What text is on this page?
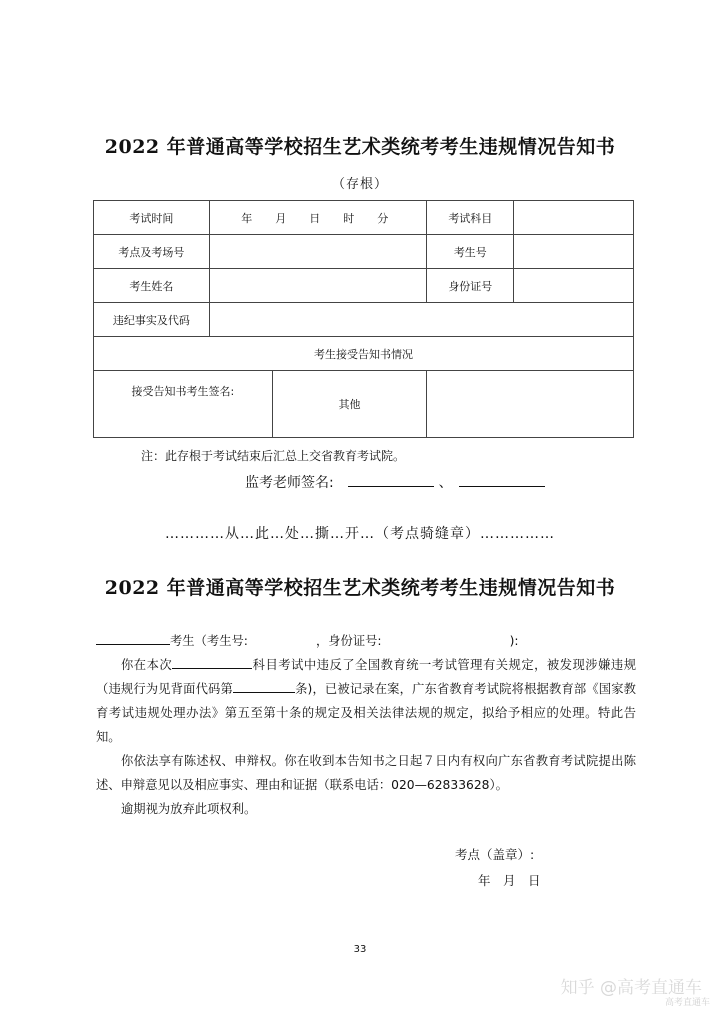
2022 年普通高等学校招生艺术类统考考生违规情况告知书
（存根）
考试时间	年 月 日 时 分		考试科目	
考点及考场号			考生号	
考生姓名			身份证号	
违纪事实及代码				
考生接受告知书情况				
接受告知书考生签名:		其他		
注：此存根于考试结束后汇总上交省教育考试院。
监考老师签名:	、
…………从…此…处…撕…开…（考点骑缝章）……………
2022 年普通高等学校招生艺术类统考考生违规情况告知书

考生（考生号:	，身份证号:	):

你在本次	科目考试中违反了全国教育统一考试管理有关规定，被发现涉嫌违规（违规行为见背面代码第	条)，已被记录在案，广东省教育考试院将根据教育部《国家教育考试违规处理办法》第五至第十条的规定及相关法律法规的规定，拟给予相应的处理。特此告知。

你依法享有陈述权、申辩权。你在收到本告知书之日起７日内有权向广东省教育考试院提出陈述、申辩意见以及相应事实、理由和证据（联系电话：020—62833628）。

逾期视为放弃此项权利。

考点（盖章）:
年　月　日
33
知乎 @高考直通车
高考直通车
